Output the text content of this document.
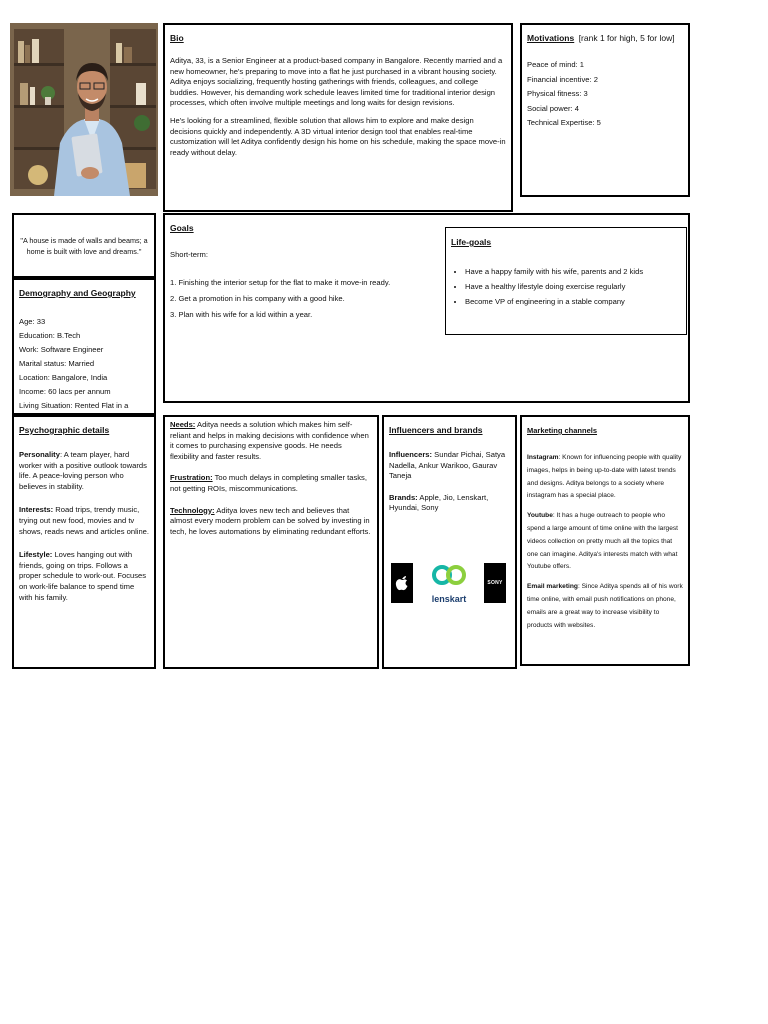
Bio

Aditya, 33, is a Senior Engineer at a product-based company in Bangalore. Recently married and a new homeowner, he's preparing to move into a flat he just purchased in a vibrant housing society. Aditya enjoys socializing, frequently hosting gatherings with friends, colleagues, and college buddies. However, his demanding work schedule leaves limited time for traditional interior design processes, which often involve multiple meetings and long waits for design revisions.

He's looking for a streamlined, flexible solution that allows him to explore and make design decisions quickly and independently. A 3D virtual interior design tool that enables real-time customization will let Aditya confidently design his home on his schedule, making the space move-in ready without delay.

Motivations [rank 1 for high, 5 for low]
Peace of mind: 1
Financial incentive: 2
Physical fitness: 3
Social power: 4
Technical Expertise: 5
"A house is made of walls and beams; a home is built with love and dreams."
Demography and Geography
Age: 33
Education: B.Tech
Work: Software Engineer
Marital status: Married
Location: Bangalore, India
Income: 60 lacs per annum
Living Situation: Rented Flat in a
Goals
Short-term:
1. Finishing the interior setup for the flat to make it move-in ready.
2. Get a promotion in his company with a good hike.
3. Plan with his wife for a kid within a year.
Life-goals
• Have a happy family with his wife, parents and 2 kids
• Have a healthy lifestyle doing exercise regularly
• Become VP of engineering in a stable company
Psychographic details

Personality: A team player, hard worker with a positive outlook towards life. A peace-loving person who believes in stability.

Interests: Road trips, trendy music, trying out new food, movies and tv shows, reads news and articles online.

Lifestyle: Loves hanging out with friends, going on trips. Follows a proper schedule to work-out. Focuses on work-life balance to spend time with his family.

Needs: Aditya needs a solution which makes him self-reliant and helps in making decisions with confidence when it comes to purchasing expensive goods. He needs flexibility and faster results.

Frustration: Too much delays in completing smaller tasks, not getting ROIs, miscommunications.

Technology: Aditya loves new tech and believes that almost every modern problem can be solved by investing in tech, he loves automations by eliminating redundant efforts.

Influencers and brands

Influencers: Sundar Pichai, Satya Nadella, Ankur Warikoo, Gaurav Taneja

Brands: Apple, Jio, Lenskart, Hyundai, Sony

lenskart
SONY
Marketing channels

Instagram: Known for influencing people with quality images, helps in being up-to-date with latest trends and designs. Aditya belongs to a society where instagram has a special place.

Youtube: It has a huge outreach to people who spend a large amount of time online with the largest videos collection on pretty much all the topics that one can imagine. Aditya's interests match with what Youtube offers.

Email marketing: Since Aditya spends all of his work time online, with email push notifications on phone, emails are a great way to increase visibility to products with websites.
